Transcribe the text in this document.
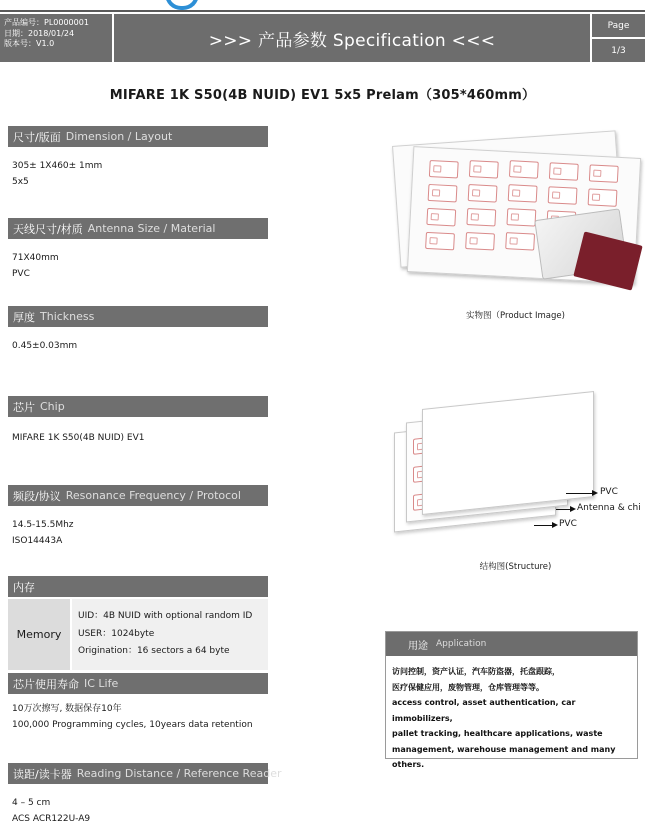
产品编号：PL0000001
日期：2018/01/24
版本号：V1.0	>>> 产品参数 Specification <<<
Page
1/3
MIFARE 1K S50(4B NUID) EV1 5x5 Prelam（305*460mm）
尺寸/版面 Dimension / Layout
305± 1X460± 1mm
5x5
天线尺寸/材质 Antenna Size / Material
71X40mm
PVC
厚度 Thickness
0.45±0.03mm
芯片 Chip
MIFARE 1K S50(4B NUID) EV1
频段/协议 Resonance Frequency / Protocol
14.5-15.5Mhz
ISO14443A
内存
Memory
UID：4B NUID with optional random ID
USER：1024byte
Origination：16 sectors a 64 byte
芯片使用寿命 IC Life
10万次擦写, 数据保存10年
100,000 Programming cycles, 10years data retention
读距/读卡器 Reading Distance / Reference Reader
4 – 5 cm
ACS ACR122U-A9
实物图（Product Image)
PVC
Antenna & chi
PVC
结构图(Structure)
用途 Application
访问控制，资产认证，汽车防盗器，托盘跟踪，
医疗保健应用，废物管理，仓库管理等等。
access control, asset authentication, car immobilizers,
pallet tracking, healthcare applications, waste
management, warehouse management and many others.
